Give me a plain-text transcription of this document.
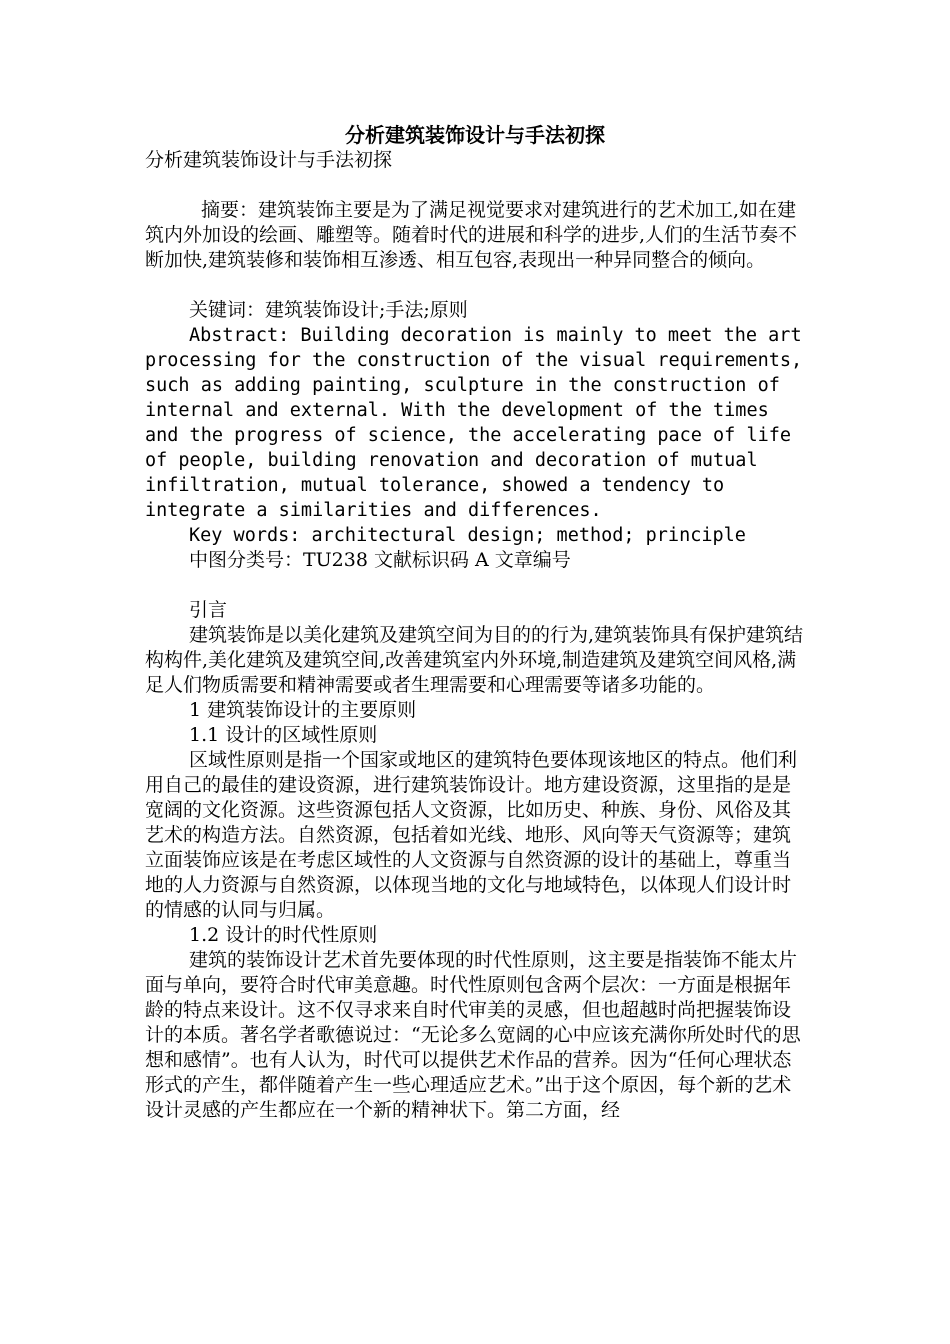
分析建筑装饰设计与手法初探

分析建筑装饰设计与手法初探

摘要：建筑装饰主要是为了满足视觉要求对建筑进行的艺术加工,如在建筑内外加设的绘画、雕塑等。随着时代的进展和科学的进步,人们的生活节奏不断加快,建筑装修和装饰相互渗透、相互包容,表现出一种异同整合的倾向。

关键词：建筑装饰设计;手法;原则

Abstract: Building decoration is mainly to meet the art processing for the construction of the visual requirements, such as adding painting, sculpture in the construction of internal and external. With the development of the times and the progress of science, the accelerating pace of life of people, building renovation and decoration of mutual infiltration, mutual tolerance, showed a tendency to integrate a similarities and differences.

Key words: architectural design; method; principle

中图分类号：TU238 文献标识码 A 文章编号

引言

建筑装饰是以美化建筑及建筑空间为目的的行为,建筑装饰具有保护建筑结构构件,美化建筑及建筑空间,改善建筑室内外环境,制造建筑及建筑空间风格,满足人们物质需要和精神需要或者生理需要和心理需要等诸多功能的。

1 建筑装饰设计的主要原则

1.1 设计的区域性原则

区域性原则是指一个国家或地区的建筑特色要体现该地区的特点。他们利用自己的最佳的建设资源，进行建筑装饰设计。地方建设资源，这里指的是是宽阔的文化资源。这些资源包括人文资源，比如历史、种族、身份、风俗及其艺术的构造方法。自然资源，包括着如光线、地形、风向等天气资源等；建筑立面装饰应该是在考虑区域性的人文资源与自然资源的设计的基础上，尊重当地的人力资源与自然资源，以体现当地的文化与地域特色，以体现人们设计时的情感的认同与归属。

1.2 设计的时代性原则

建筑的装饰设计艺术首先要体现的时代性原则，这主要是指装饰不能太片面与单向，要符合时代审美意趣。时代性原则包含两个层次：一方面是根据年龄的特点来设计。这不仅寻求来自时代审美的灵感，但也超越时尚把握装饰设计的本质。著名学者歌德说过：“无论多么宽阔的心中应该充满你所处时代的思想和感情”。也有人认为，时代可以提供艺术作品的营养。因为“任何心理状态形式的产生，都伴随着产生一些心理适应艺术。”出于这个原因，每个新的艺术设计灵感的产生都应在一个新的精神状下。第二方面，经
